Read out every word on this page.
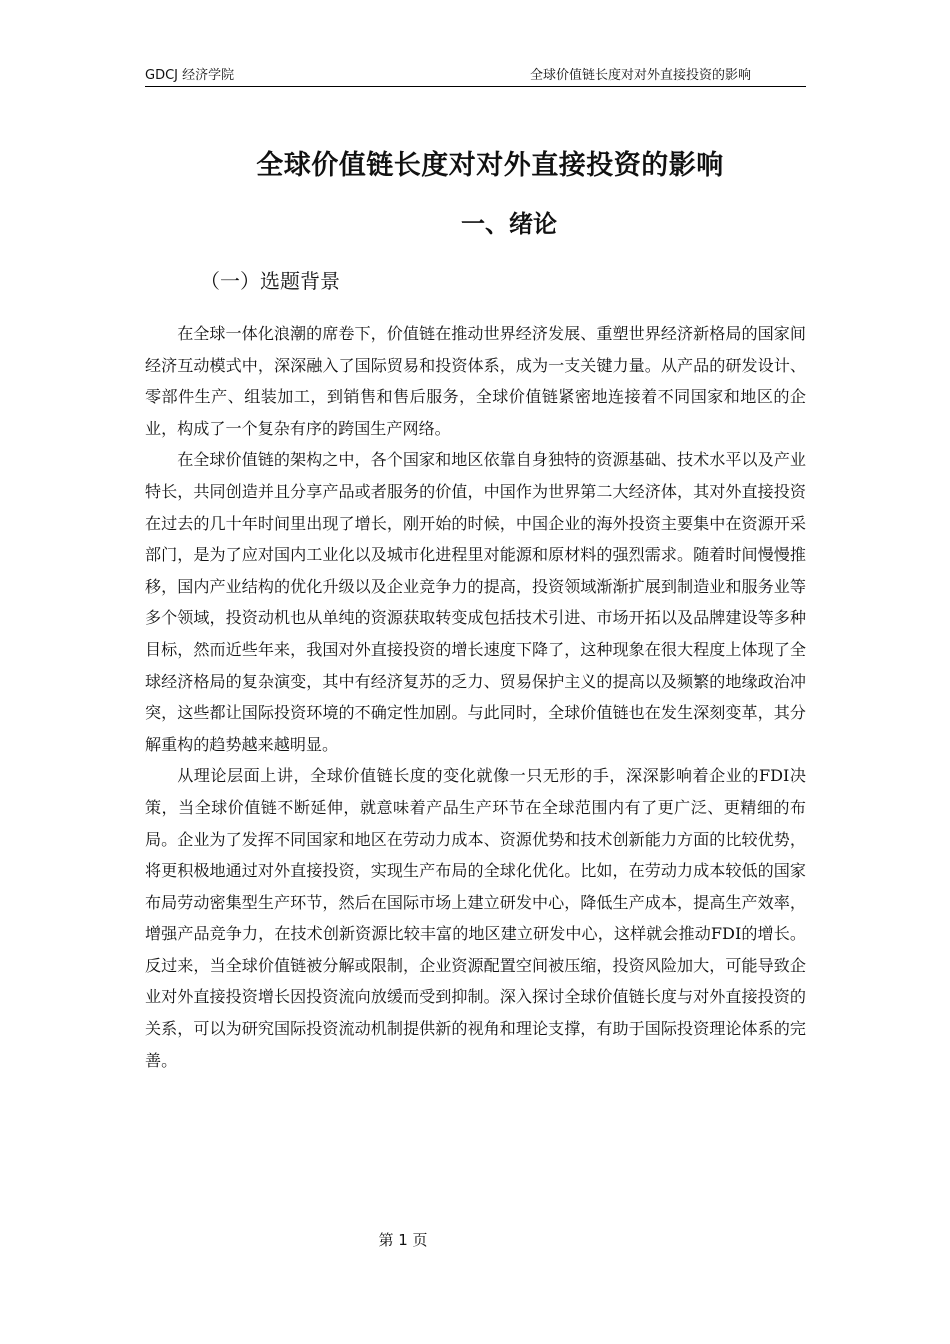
GDCJ 经济学院	全球价值链长度对对外直接投资的影响
全球价值链长度对对外直接投资的影响
一、绪论
（一）选题背景

在全球一体化浪潮的席卷下，价值链在推动世界经济发展、重塑世界经济新格局的国家间经济互动模式中，深深融入了国际贸易和投资体系，成为一支关键力量。从产品的研发设计、零部件生产、组装加工，到销售和售后服务，全球价值链紧密地连接着不同国家和地区的企业，构成了一个复杂有序的跨国生产网络。

在全球价值链的架构之中，各个国家和地区依靠自身独特的资源基础、技术水平以及产业特长，共同创造并且分享产品或者服务的价值，中国作为世界第二大经济体，其对外直接投资在过去的几十年时间里出现了增长，刚开始的时候，中国企业的海外投资主要集中在资源开采部门，是为了应对国内工业化以及城市化进程里对能源和原材料的强烈需求。随着时间慢慢推移，国内产业结构的优化升级以及企业竞争力的提高，投资领域渐渐扩展到制造业和服务业等多个领域，投资动机也从单纯的资源获取转变成包括技术引进、市场开拓以及品牌建设等多种目标，然而近些年来，我国对外直接投资的增长速度下降了，这种现象在很大程度上体现了全球经济格局的复杂演变，其中有经济复苏的乏力、贸易保护主义的提高以及频繁的地缘政治冲突，这些都让国际投资环境的不确定性加剧。与此同时，全球价值链也在发生深刻变革，其分解重构的趋势越来越明显。

从理论层面上讲，全球价值链长度的变化就像一只无形的手，深深影响着企业的FDI决策，当全球价值链不断延伸，就意味着产品生产环节在全球范围内有了更广泛、更精细的布局。企业为了发挥不同国家和地区在劳动力成本、资源优势和技术创新能力方面的比较优势，将更积极地通过对外直接投资，实现生产布局的全球化优化。比如，在劳动力成本较低的国家布局劳动密集型生产环节，然后在国际市场上建立研发中心，降低生产成本，提高生产效率，增强产品竞争力，在技术创新资源比较丰富的地区建立研发中心，这样就会推动FDI的增长。反过来，当全球价值链被分解或限制，企业资源配置空间被压缩，投资风险加大，可能导致企业对外直接投资增长因投资流向放缓而受到抑制。深入探讨全球价值链长度与对外直接投资的关系，可以为研究国际投资流动机制提供新的视角和理论支撑，有助于国际投资理论体系的完善。

第 1 页
